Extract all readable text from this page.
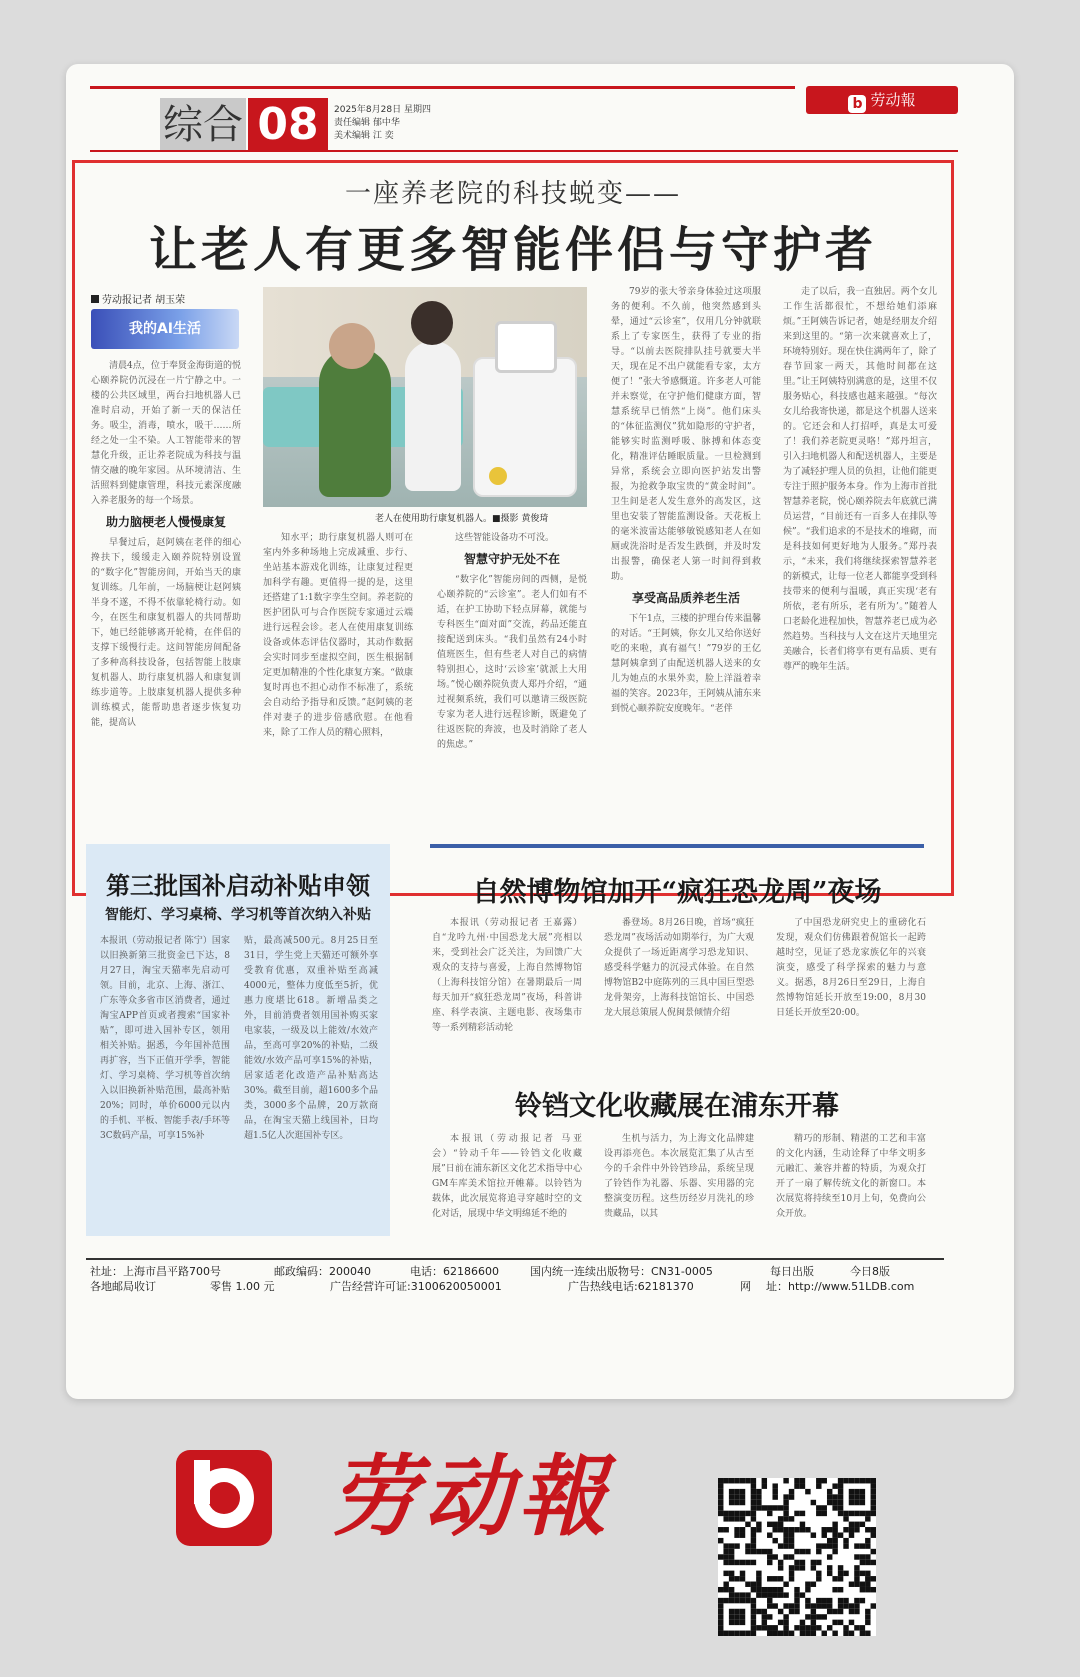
综合 08	2025年8月28日 星期四
责任编辑 郁中华
美术编辑 江 奕
b 劳动報
一座养老院的科技蜕变——
让老人有更多智能伴侣与守护者
劳动报记者 胡玉荣
我的AI生活
老人在使用助行康复机器人。■摄影 黄俊琦

清晨4点，位于奉贤金海街道的悦心颐养院仍沉浸在一片宁静之中。一楼的公共区域里，两台扫地机器人已准时启动，开始了新一天的保洁任务。吸尘，消毒，喷水，吸干……所经之处一尘不染。人工智能带来的智慧化升级，正让养老院成为科技与温情交融的晚年家园。从环境清洁、生活照料到健康管理，科技元素深度融入养老服务的每一个场景。

助力脑梗老人慢慢康复

早餐过后，赵阿姨在老伴的细心搀扶下，缓缓走入颐养院特别设置的“数字化”智能房间，开始当天的康复训练。几年前，一场脑梗让赵阿姨半身不遂，不得不依靠轮椅行动。如今，在医生和康复机器人的共同帮助下，她已经能够离开轮椅，在伴侣的支撑下缓慢行走。这间智能房间配备了多种高科技设备，包括智能上肢康复机器人、助行康复机器人和康复训练步道等。上肢康复机器人提供多种训练模式，能帮助患者逐步恢复功能，提高认

知水平；助行康复机器人则可在室内外多种场地上完成减重、步行、坐站基本游戏化训练，让康复过程更加科学有趣。更值得一提的是，这里还搭建了1:1数字孪生空间。养老院的医护团队可与合作医院专家通过云端进行远程会诊。老人在使用康复训练设备或体态评估仪器时，其动作数据会实时同步至虚拟空间，医生根据制定更加精准的个性化康复方案。“做康复时再也不担心动作不标准了，系统会自动给予指导和反馈。”赵阿姨的老伴对妻子的进步倍感欣慰。在他看来，除了工作人员的精心照料，

这些智能设备功不可没。

智慧守护无处不在

“数字化”智能房间的西侧，是悦心颐养院的“云诊室”。老人们如有不适，在护工协助下轻点屏幕，就能与专科医生“面对面”交流，药品还能直接配送到床头。“我们虽然有24小时值班医生，但有些老人对自己的病情特别担心，这时‘云诊室’就派上大用场。”悦心颐养院负责人郑丹介绍，“通过视频系统，我们可以邀请三级医院专家为老人进行远程诊断，既避免了往返医院的奔波，也及时消除了老人的焦虑。”

79岁的张大爷亲身体验过这项服务的便利。不久前，他突然感到头晕，通过“云诊室”，仅用几分钟就联系上了专家医生，获得了专业的指导。“以前去医院排队挂号就要大半天，现在足不出户就能看专家，太方便了！”张大爷感慨道。许多老人可能并未察觉，在守护他们健康方面，智慧系统早已悄然“上岗”。他们床头的“体征监测仪”犹如隐形的守护者，能够实时监测呼吸、脉搏和体态变化，精准评估睡眠质量。一旦检测到异常，系统会立即向医护站发出警报，为抢救争取宝贵的“黄金时间”。卫生间是老人发生意外的高发区，这里也安装了智能监测设备。天花板上的毫米波雷达能够敏锐感知老人在如厕或洗浴时是否发生跌倒，并及时发出报警，确保老人第一时间得到救助。

享受高品质养老生活

下午1点，三楼的护理台传来温馨的对话。“王阿姨，你女儿又给你送好吃的来啦，真有福气！”79岁的王亿慧阿姨拿到了由配送机器人送来的女儿为她点的水果外卖，脸上洋溢着幸福的笑容。2023年，王阿姨从浦东来到悦心颐养院安度晚年。“老伴

走了以后，我一直独居。两个女儿工作生活都很忙，不想给她们添麻烦。”王阿姨告诉记者，她是经朋友介绍来到这里的。“第一次来就喜欢上了，环境特别好。现在快住满两年了，除了春节回家一两天，其他时间都在这里。”让王阿姨特别满意的是，这里不仅服务贴心，科技感也越来越强。“每次女儿给我寄快递，都是这个机器人送来的。它还会和人打招呼，真是太可爱了！我们养老院更灵咯！”郑丹坦言，引入扫地机器人和配送机器人，主要是为了减轻护理人员的负担，让他们能更专注于照护服务本身。作为上海市首批智慧养老院，悦心颐养院去年底就已满员运营，“目前还有一百多人在排队等候”。“我们追求的不是技术的堆砌，而是科技如何更好地为人服务。”郑丹表示，“未来，我们将继续探索智慧养老的新模式，让每一位老人都能享受到科技带来的便利与温暖，真正实现‘老有所依，老有所乐，老有所为’。”随着人口老龄化进程加快，智慧养老已成为必然趋势。当科技与人文在这片天地里完美融合，长者们将享有更有品质、更有尊严的晚年生活。

第三批国补启动补贴申领
智能灯、学习桌椅、学习机等首次纳入补贴

本报讯（劳动报记者 陈宁）国家以旧换新第三批资金已下达，8月27日，淘宝天猫率先启动可领。目前，北京、上海、浙江、广东等众多省市区消费者，通过淘宝APP首页或者搜索“国家补贴”，即可进入国补专区，领用相关补贴。据悉，今年国补范围再扩容，当下正值开学季，智能灯、学习桌椅、学习机等首次纳入以旧换新补贴范围，最高补贴20%；同时，单价6000元以内的手机、平板、智能手表/手环等3C数码产品，可享15%补

贴，最高减500元。8月25日至31日，学生党上天猫还可额外享受教育优惠，双重补贴至高减4000元，整体力度低至5折，优惠力度堪比618。新增品类之外，目前消费者领用国补购买家电家装，一级及以上能效/水效产品，至高可享20%的补贴，二级能效/水效产品可享15%的补贴，居家适老化改造产品补贴高达30%。截至目前，超1600多个品类，3000多个品牌，20万款商品，在淘宝天猫上线国补，日均超1.5亿人次逛国补专区。

自然博物馆加开“疯狂恐龙周”夜场

本报讯（劳动报记者 王嘉露）自“龙吟九州·中国恐龙大展”亮相以来，受到社会广泛关注，为回馈广大观众的支持与喜爱，上海自然博物馆（上海科技馆分馆）在暑期最后一周每天加开“疯狂恐龙周”夜场，科普讲座、科学表演、主题电影、夜场集市等一系列精彩活动轮

番登场。8月26日晚，首场“疯狂恐龙周”夜场活动如期举行，为广大观众提供了一场近距离学习恐龙知识、感受科学魅力的沉浸式体验。在自然博物馆B2中庭陈列的三具中国巨型恐龙骨架旁，上海科技馆馆长、中国恐龙大展总策展人倪闽景倾情介绍

了中国恐龙研究史上的重磅化石发现，观众们仿佛跟着倪馆长一起跨越时空，见证了恐龙家族亿年的兴衰演变，感受了科学探索的魅力与意义。据悉，8月26日至29日，上海自然博物馆延长开放至19:00，8月30日延长开放至20:00。

铃铛文化收藏展在浦东开幕

本报讯（劳动报记者 马亚会）“铃动千年——铃铛文化收藏展”日前在浦东新区文化艺术指导中心GM车库美术馆拉开帷幕。以铃铛为载体，此次展览将追寻穿越时空的文化对话，展现中华文明绵延不绝的

生机与活力，为上海文化品牌建设再添亮色。本次展览汇集了从古至今的千余件中外铃铛珍品，系统呈现了铃铛作为礼器、乐器、实用器的完整演变历程。这些历经岁月洗礼的珍贵藏品，以其

精巧的形制、精湛的工艺和丰富的文化内涵，生动诠释了中华文明多元融汇、兼容并蓄的特质，为观众打开了一扇了解传统文化的新窗口。本次展览将持续至10月上旬，免费向公众开放。

社址：上海市昌平路700号	邮政编码：200040	电话：62186600	国内统一连续出版物号：CN31-0005	每日出版	今日8版
各地邮局收订	零售 1.00 元	广告经营许可证:3100620050001	广告热线电话:62181370	网 址：http://www.51LDB.com
劳动報
